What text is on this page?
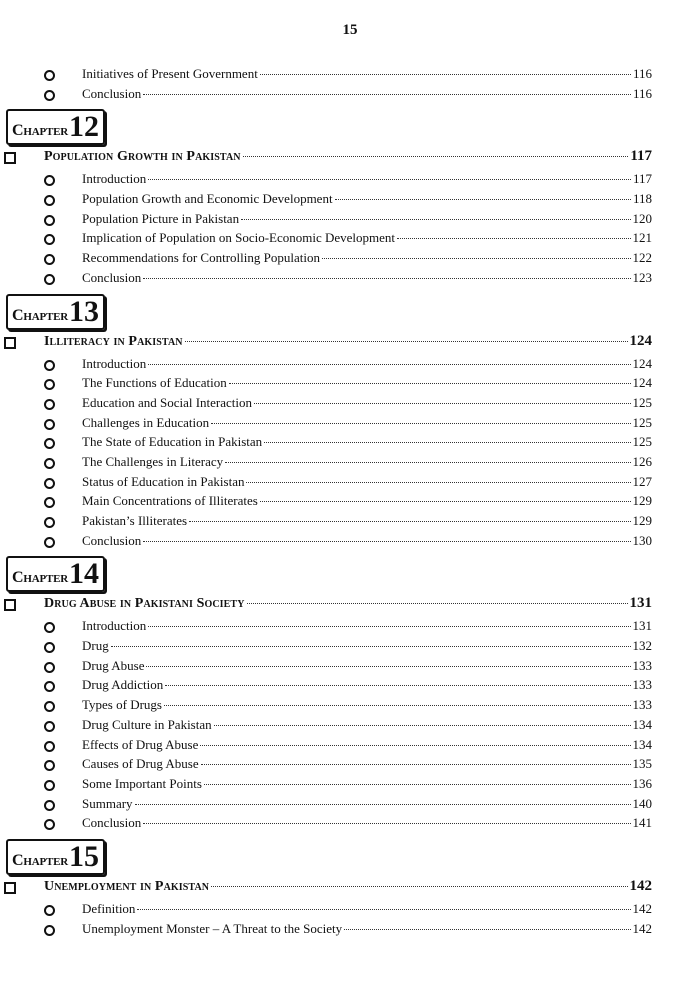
15
Initiatives of Present Government	116
Conclusion	116
Chapter 12
Population Growth in Pakistan	117
Introduction	117
Population Growth and Economic Development	118
Population Picture in Pakistan	120
Implication of Population on Socio-Economic Development	121
Recommendations for Controlling Population	122
Conclusion	123
Chapter 13
Illiteracy in Pakistan	124
Introduction	124
The Functions of Education	124
Education and Social Interaction	125
Challenges in Education	125
The State of Education in Pakistan	125
The Challenges in Literacy	126
Status of Education in Pakistan	127
Main Concentrations of Illiterates	129
Pakistan’s Illiterates	129
Conclusion	130
Chapter 14
Drug Abuse in Pakistani Society	131
Introduction	131
Drug	132
Drug Abuse	133
Drug Addiction	133
Types of Drugs	133
Drug Culture in Pakistan	134
Effects of Drug Abuse	134
Causes of Drug Abuse	135
Some Important Points	136
Summary	140
Conclusion	141
Chapter 15
Unemployment in Pakistan	142
Definition	142
Unemployment Monster – A Threat to the Society	142
